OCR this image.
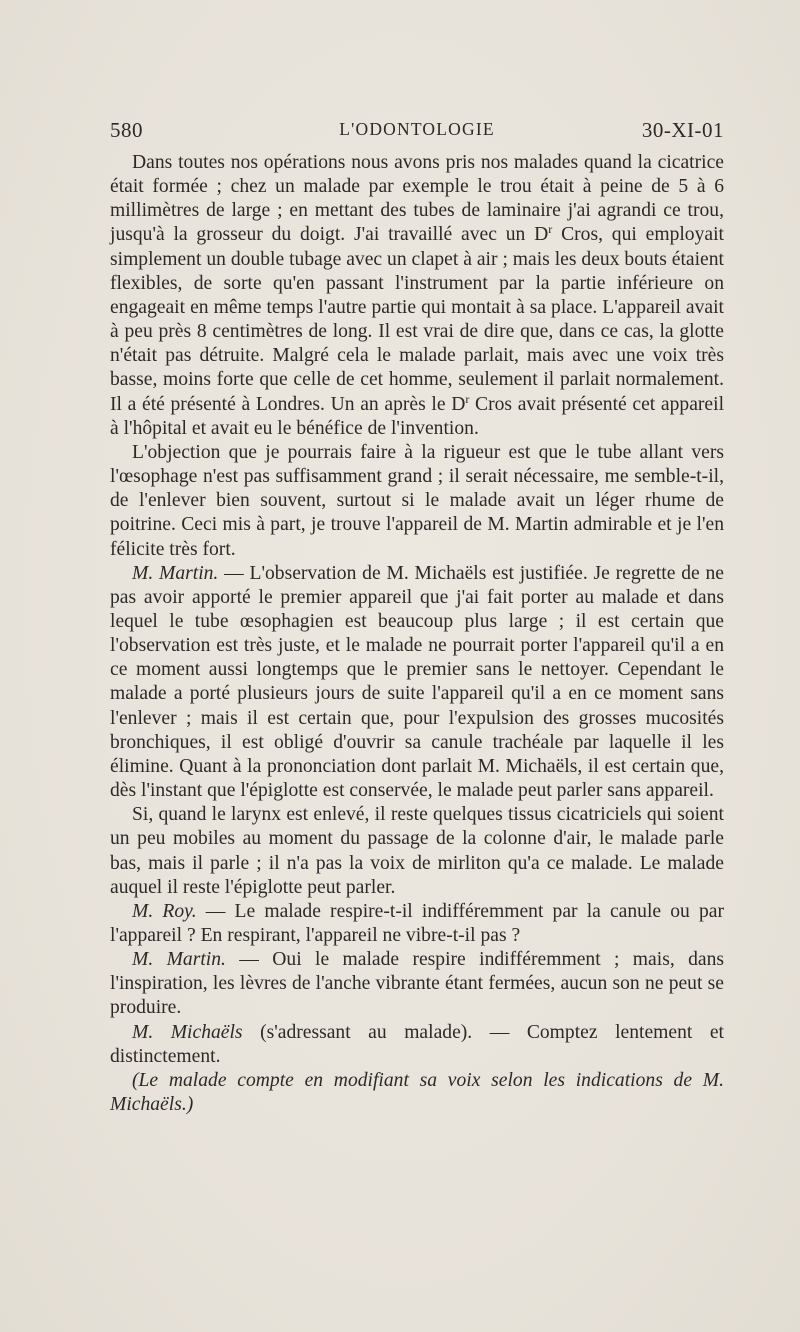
580	L'ODONTOLOGIE	30-XI-01

Dans toutes nos opérations nous avons pris nos malades quand la cicatrice était formée ; chez un malade par exemple le trou était à peine de 5 à 6 millimètres de large ; en mettant des tubes de laminaire j'ai agrandi ce trou, jusqu'à la grosseur du doigt. J'ai travaillé avec un $D^r$ Cros, qui employait simplement un double tubage avec un clapet à air ; mais les deux bouts étaient flexibles, de sorte qu'en passant l'instrument par la partie inférieure on engageait en même temps l'autre partie qui montait à sa place. L'appareil avait à peu près 8 centimètres de long. Il est vrai de dire que, dans ce cas, la glotte n'était pas détruite. Malgré cela le malade parlait, mais avec une voix très basse, moins forte que celle de cet homme, seulement il parlait normalement. Il a été présenté à Londres. Un an après le $D^r$ Cros avait présenté cet appareil à l'hôpital et avait eu le bénéfice de l'invention.

L'objection que je pourrais faire à la rigueur est que le tube allant vers l'œsophage n'est pas suffisamment grand ; il serait nécessaire, me semble-t-il, de l'enlever bien souvent, surtout si le malade avait un léger rhume de poitrine. Ceci mis à part, je trouve l'appareil de M. Martin admirable et je l'en félicite très fort.

M. Martin. — L'observation de M. Michaëls est justifiée. Je regrette de ne pas avoir apporté le premier appareil que j'ai fait porter au malade et dans lequel le tube œsophagien est beaucoup plus large ; il est certain que l'observation est très juste, et le malade ne pourrait porter l'appareil qu'il a en ce moment aussi longtemps que le premier sans le nettoyer. Cependant le malade a porté plusieurs jours de suite l'appareil qu'il a en ce moment sans l'enlever ; mais il est certain que, pour l'expulsion des grosses mucosités bronchiques, il est obligé d'ouvrir sa canule trachéale par laquelle il les élimine. Quant à la prononciation dont parlait M. Michaëls, il est certain que, dès l'instant que l'épiglotte est conservée, le malade peut parler sans appareil.

Si, quand le larynx est enlevé, il reste quelques tissus cicatriciels qui soient un peu mobiles au moment du passage de la colonne d'air, le malade parle bas, mais il parle ; il n'a pas la voix de mirliton qu'a ce malade. Le malade auquel il reste l'épiglotte peut parler.

M. Roy. — Le malade respire-t-il indifféremment par la canule ou par l'appareil ? En respirant, l'appareil ne vibre-t-il pas ?

M. Martin. — Oui le malade respire indifféremment ; mais, dans l'inspiration, les lèvres de l'anche vibrante étant fermées, aucun son ne peut se produire.

M. Michaëls (s'adressant au malade). — Comptez lentement et distinctement.

(Le malade compte en modifiant sa voix selon les indications de M. Michaëls.)
